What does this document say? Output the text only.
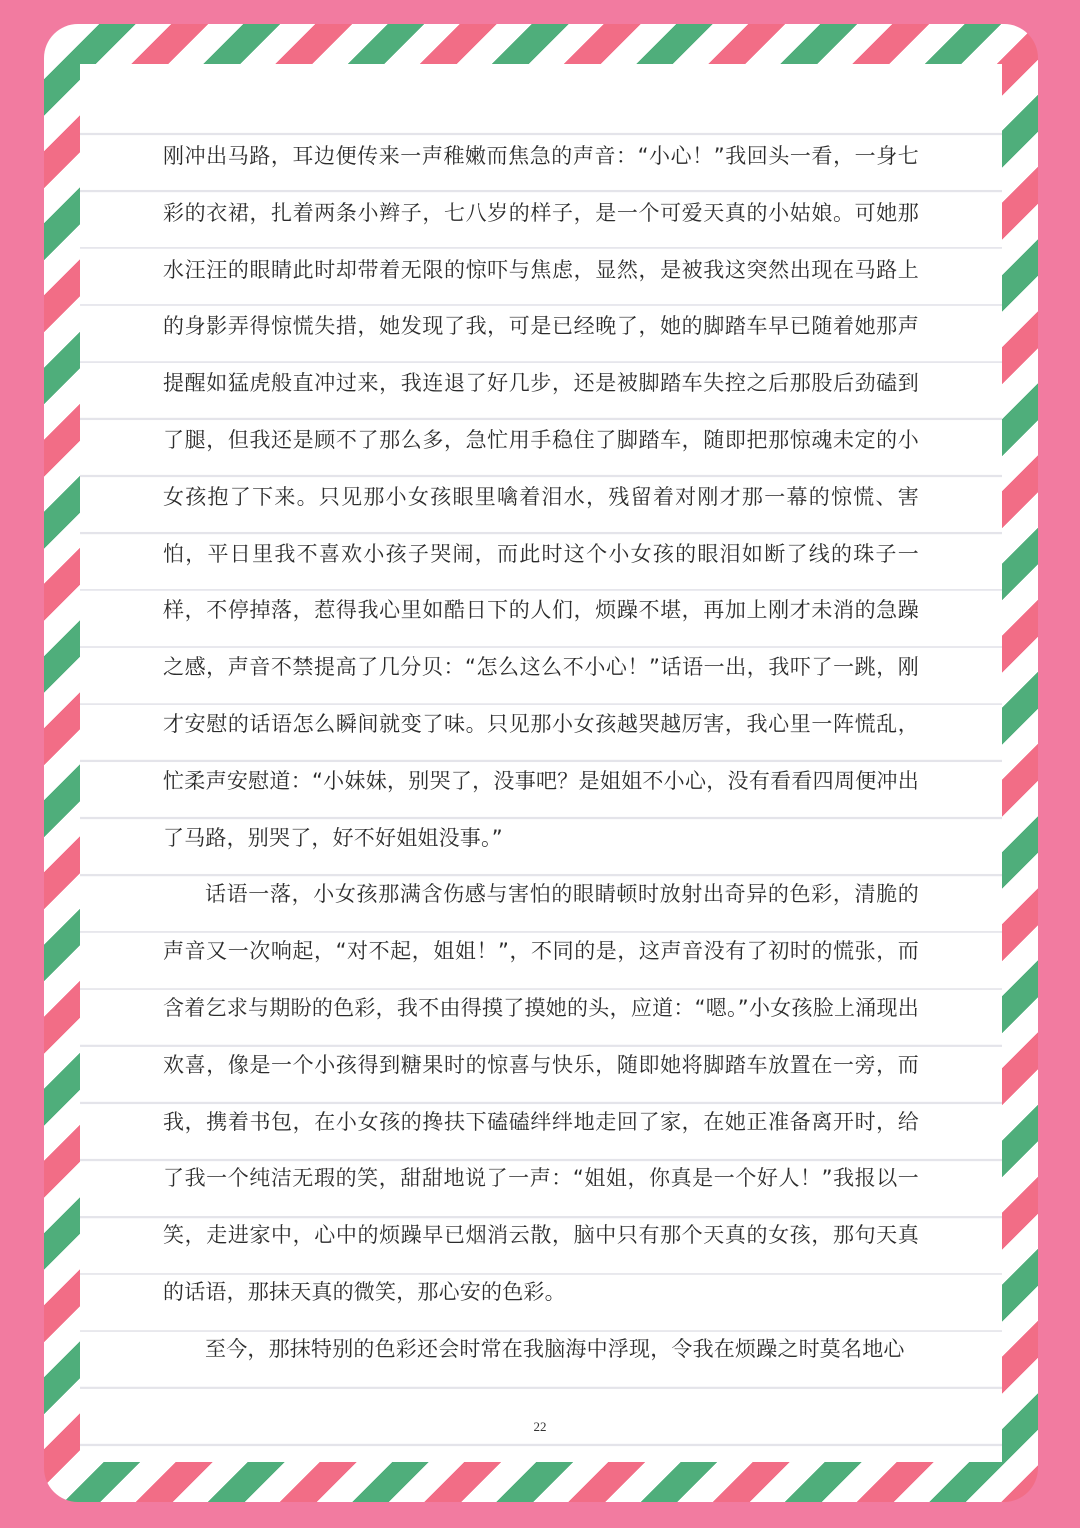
刚冲出马路，耳边便传来一声稚嫩而焦急的声音：“小心！”我回头一看，一身七彩的衣裙，扎着两条小辫子，七八岁的样子，是一个可爱天真的小姑娘。可她那水汪汪的眼睛此时却带着无限的惊吓与焦虑，显然，是被我这突然出现在马路上的身影弄得惊慌失措，她发现了我，可是已经晚了，她的脚踏车早已随着她那声提醒如猛虎般直冲过来，我连退了好几步，还是被脚踏车失控之后那股后劲磕到了腿，但我还是顾不了那么多，急忙用手稳住了脚踏车，随即把那惊魂未定的小女孩抱了下来。只见那小女孩眼里噙着泪水，残留着对刚才那一幕的惊慌、害怕，平日里我不喜欢小孩子哭闹，而此时这个小女孩的眼泪如断了线的珠子一样，不停掉落，惹得我心里如酷日下的人们，烦躁不堪，再加上刚才未消的急躁之感，声音不禁提高了几分贝：“怎么这么不小心！”话语一出，我吓了一跳，刚才安慰的话语怎么瞬间就变了味。只见那小女孩越哭越厉害，我心里一阵慌乱，忙柔声安慰道：“小妹妹，别哭了，没事吧？是姐姐不小心，没有看看四周便冲出了马路，别哭了，好不好姐姐没事。”

话语一落，小女孩那满含伤感与害怕的眼睛顿时放射出奇异的色彩，清脆的声音又一次响起，“对不起，姐姐！”，不同的是，这声音没有了初时的慌张，而含着乞求与期盼的色彩，我不由得摸了摸她的头，应道：“嗯。”小女孩脸上涌现出欢喜，像是一个小孩得到糖果时的惊喜与快乐，随即她将脚踏车放置在一旁，而我，携着书包，在小女孩的搀扶下磕磕绊绊地走回了家，在她正准备离开时，给了我一个纯洁无瑕的笑，甜甜地说了一声：“姐姐，你真是一个好人！”我报以一笑，走进家中，心中的烦躁早已烟消云散，脑中只有那个天真的女孩，那句天真的话语，那抹天真的微笑，那心安的色彩。

至今，那抹特别的色彩还会时常在我脑海中浮现，令我在烦躁之时莫名地心

22
